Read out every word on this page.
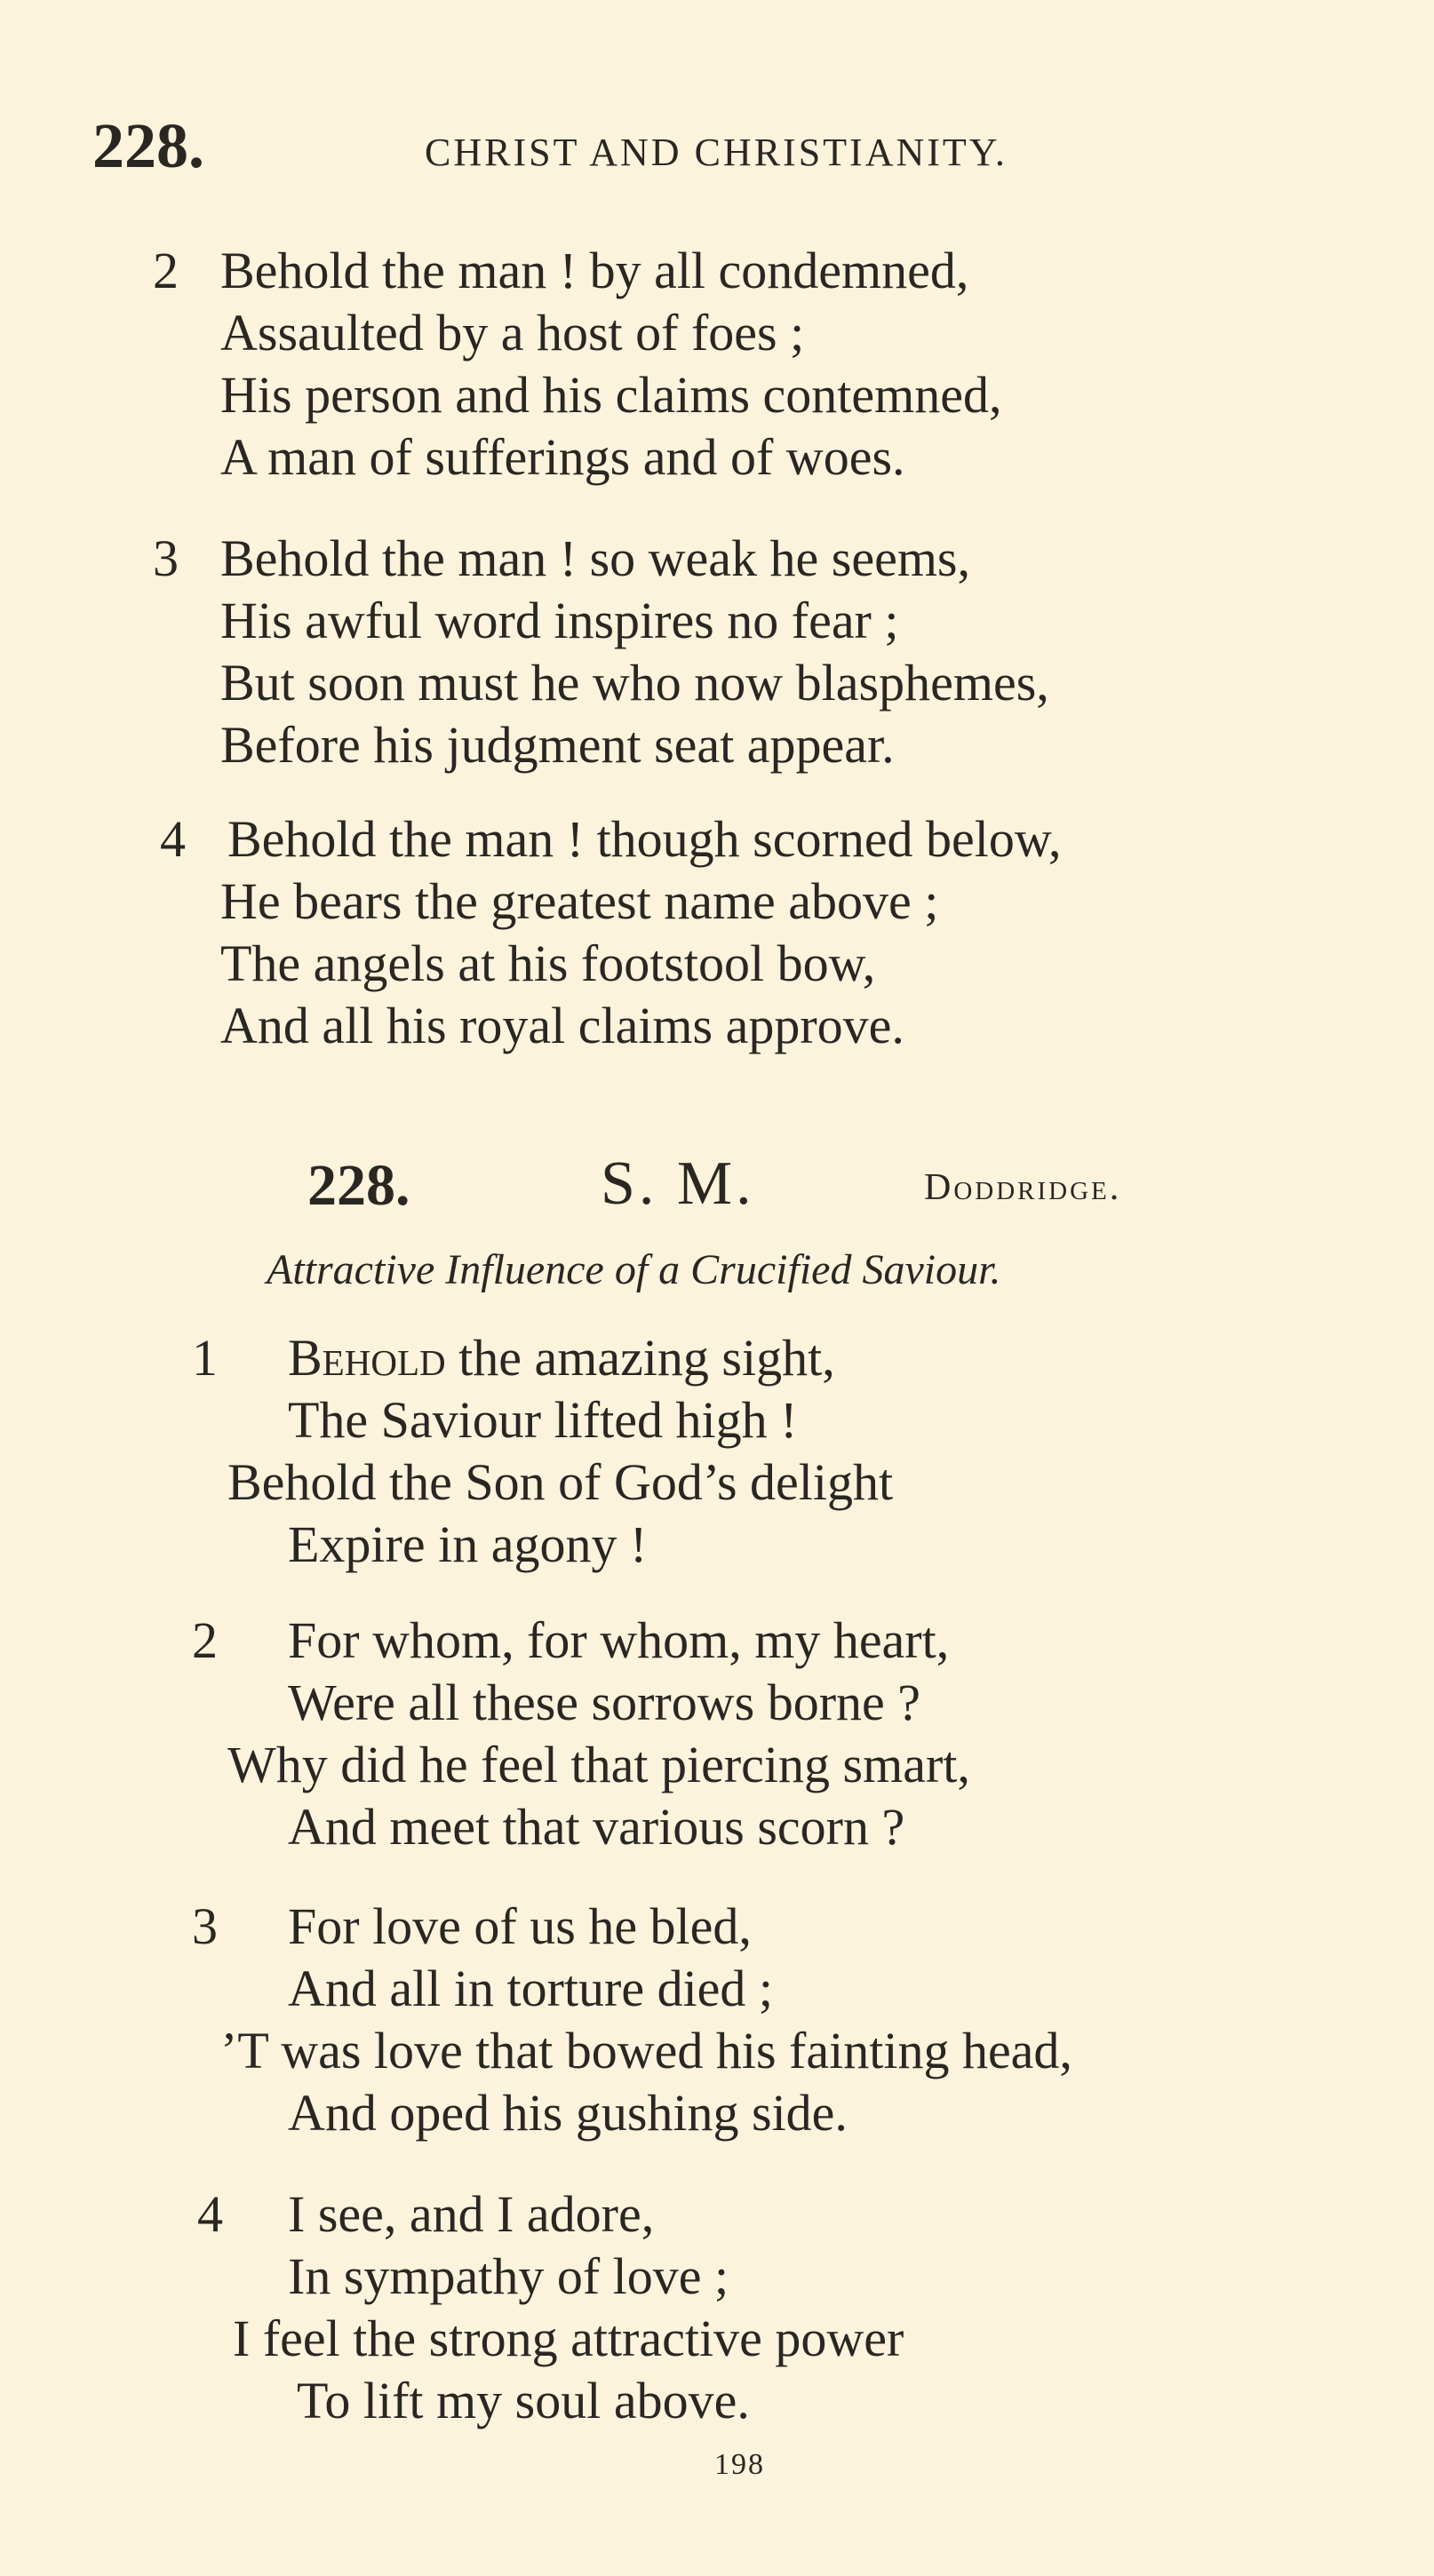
228.	CHRIST AND CHRISTIANITY.
2 Behold the man ! by all condemned,
Assaulted by a host of foes ;
His person and his claims contemned,
A man of sufferings and of woes.
3 Behold the man ! so weak he seems,
His awful word inspires no fear ;
But soon must he who now blasphemes,
Before his judgment seat appear.
4 Behold the man ! though scorned below,
He bears the greatest name above ;
The angels at his footstool bow,
And all his royal claims approve.
228.	S. M.	Doddridge.
Attractive Influence of a Crucified Saviour.
1 Behold the amazing sight,
The Saviour lifted high !
Behold the Son of God’s delight
Expire in agony !
2 For whom, for whom, my heart,
Were all these sorrows borne ?
Why did he feel that piercing smart,
And meet that various scorn ?
3 For love of us he bled,
And all in torture died ;
’T was love that bowed his fainting head,
And oped his gushing side.
4 I see, and I adore,
In sympathy of love ;
I feel the strong attractive power
To lift my soul above.
198
